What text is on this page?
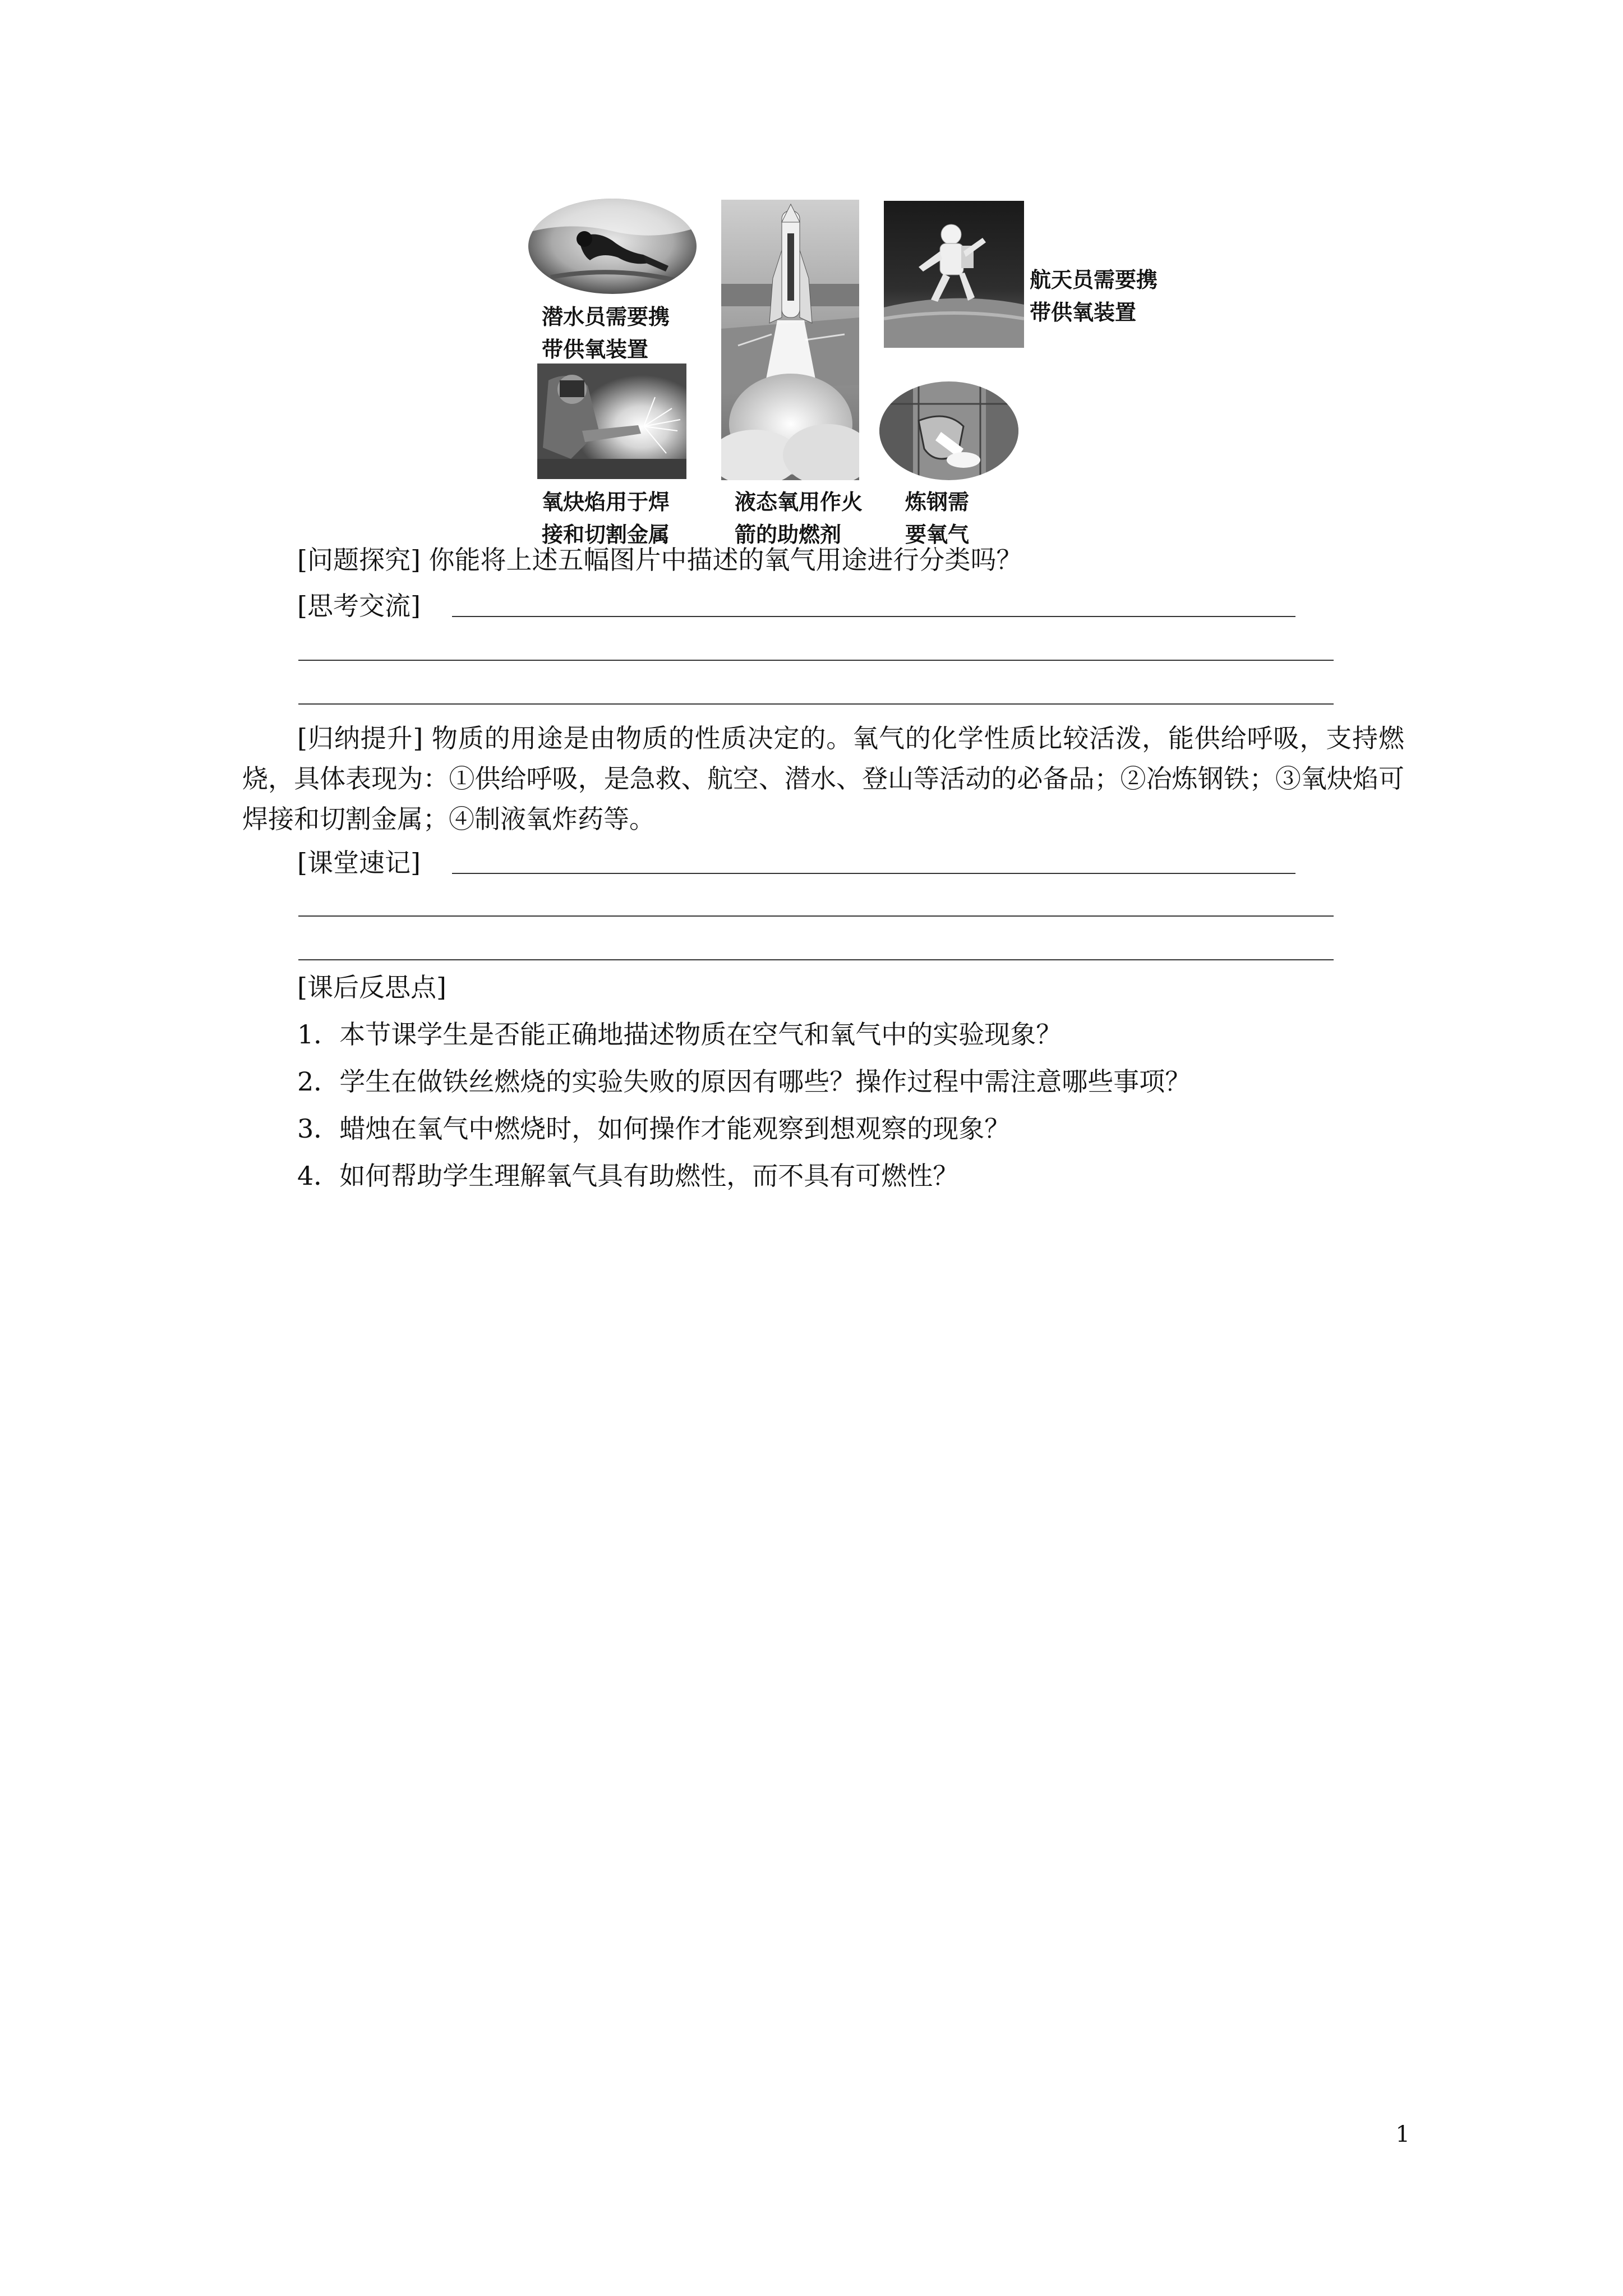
潜水员需要携
带供氧装置
液态氧用作火
箭的助燃剂
航天员需要携
带供氧装置
氧炔焰用于焊
接和切割金属
炼钢需
要氧气
[问题探究] 你能将上述五幅图片中描述的氧气用途进行分类吗？
[思考交流]
[归纳提升] 物质的用途是由物质的性质决定的。氧气的化学性质比较活泼，能供给呼吸，支持燃烧，具体表现为：①供给呼吸，是急救、航空、潜水、登山等活动的必备品；②冶炼钢铁；③氧炔焰可焊接和切割金属；④制液氧炸药等。
[课堂速记]
[课后反思点]
1．本节课学生是否能正确地描述物质在空气和氧气中的实验现象？
2．学生在做铁丝燃烧的实验失败的原因有哪些？操作过程中需注意哪些事项？
3．蜡烛在氧气中燃烧时，如何操作才能观察到想观察的现象？
4．如何帮助学生理解氧气具有助燃性，而不具有可燃性？
1
